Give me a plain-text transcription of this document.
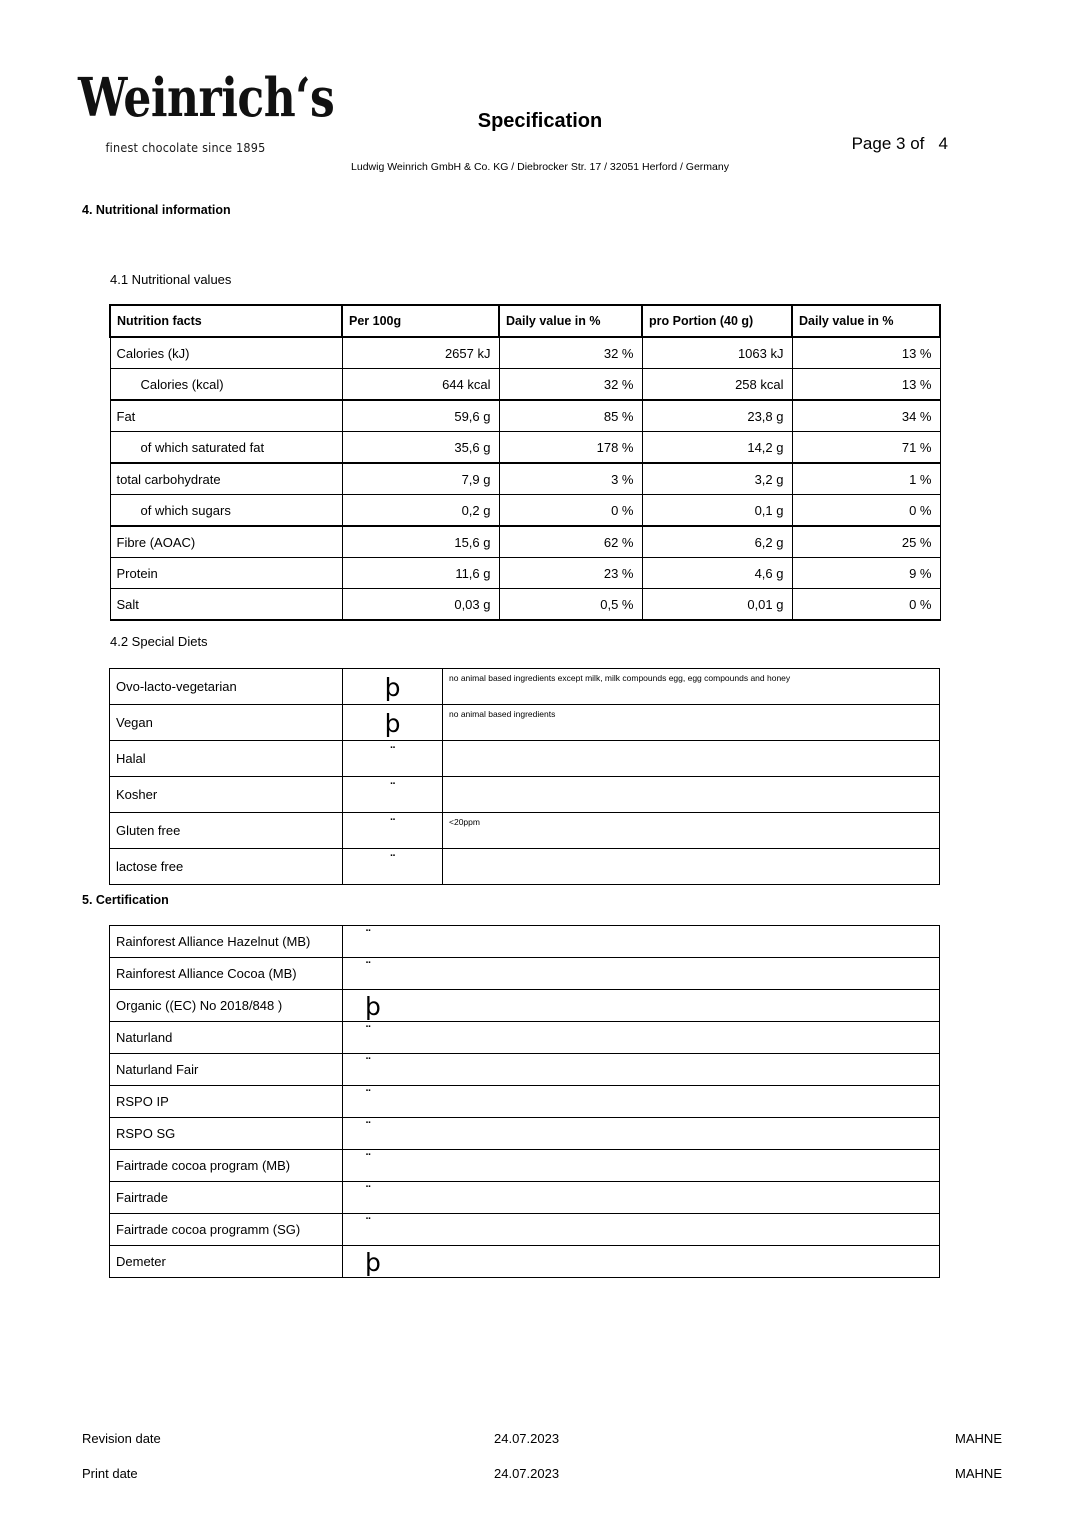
Weinrich‘s
finest chocolate since 1895
Specification
Ludwig Weinrich GmbH & Co. KG / Diebrocker Str. 17 / 32051 Herford / Germany
Page 3 of   4
4. Nutritional information
4.1 Nutritional values
Nutrition facts	Per 100g	Daily value in %	pro Portion (40 g)	Daily value in %
Calories (kJ)	2657 kJ	32 %	1063 kJ	13 %
Calories (kcal)	644 kcal	32 %	258 kcal	13 %
Fat	59,6 g	85 %	23,8 g	34 %
of which saturated fat	35,6 g	178 %	14,2 g	71 %
total carbohydrate	7,9 g	3 %	3,2 g	1 %
of which sugars	0,2 g	0 %	0,1 g	0 %
Fibre (AOAC)	15,6 g	62 %	6,2 g	25 %
Protein	11,6 g	23 %	4,6 g	9 %
Salt	0,03 g	0,5 %	0,01 g	0 %
4.2 Special Diets
Ovo-lacto-vegetarian	þ	no animal based ingredients except milk, milk compounds egg, egg compounds and honey
Vegan	þ	no animal based ingredients
Halal	¨	
Kosher	¨	
Gluten free	¨	<20ppm
lactose free	¨	
5. Certification
Rainforest Alliance Hazelnut (MB)	¨
Rainforest Alliance Cocoa (MB)	¨
Organic ((EC) No 2018/848 )	þ
Naturland	¨
Naturland Fair	¨
RSPO IP	¨
RSPO SG	¨
Fairtrade cocoa program (MB)	¨
Fairtrade	¨
Fairtrade cocoa programm (SG)	¨
Demeter	þ
Revision date	24.07.2023	MAHNE
Print date	24.07.2023	MAHNE
